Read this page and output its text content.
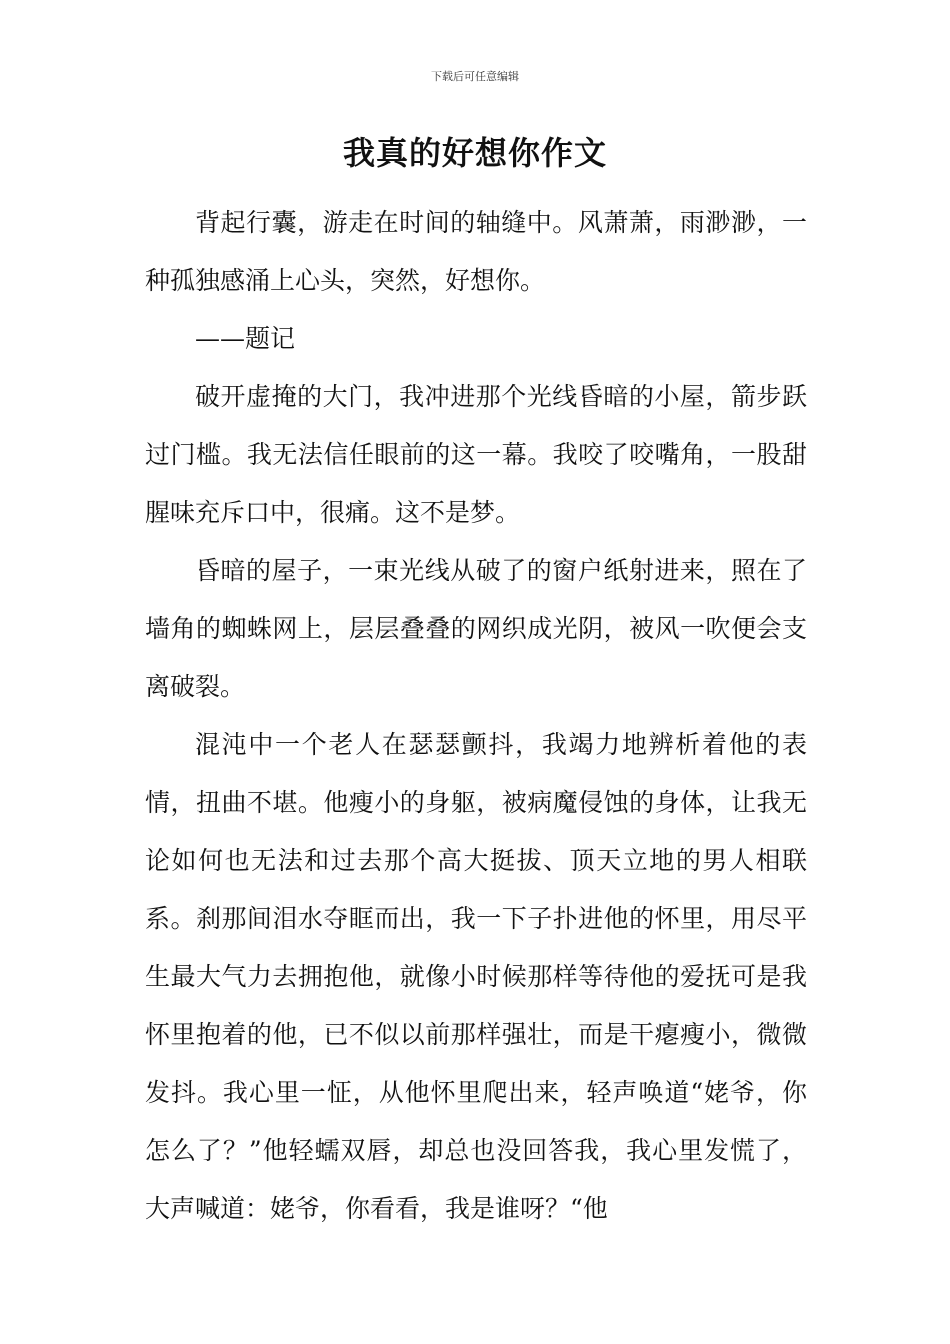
下载后可任意编辑
我真的好想你作文

背起行囊，游走在时间的轴缝中。风萧萧，雨渺渺，一种孤独感涌上心头，突然，好想你。

——题记

破开虚掩的大门，我冲进那个光线昏暗的小屋，箭步跃过门槛。我无法信任眼前的这一幕。我咬了咬嘴角，一股甜腥味充斥口中，很痛。这不是梦。

昏暗的屋子，一束光线从破了的窗户纸射进来，照在了墙角的蜘蛛网上，层层叠叠的网织成光阴，被风一吹便会支离破裂。

混沌中一个老人在瑟瑟颤抖，我竭力地辨析着他的表情，扭曲不堪。他瘦小的身躯，被病魔侵蚀的身体，让我无论如何也无法和过去那个高大挺拔、顶天立地的男人相联系。刹那间泪水夺眶而出，我一下子扑进他的怀里，用尽平生最大气力去拥抱他，就像小时候那样等待他的爱抚可是我怀里抱着的他，已不似以前那样强壮，而是干瘪瘦小，微微发抖。我心里一怔，从他怀里爬出来，轻声唤道“姥爷，你怎么了？”他轻蠕双唇，却总也没回答我，我心里发慌了，大声喊道：姥爷，你看看，我是谁呀？“他
